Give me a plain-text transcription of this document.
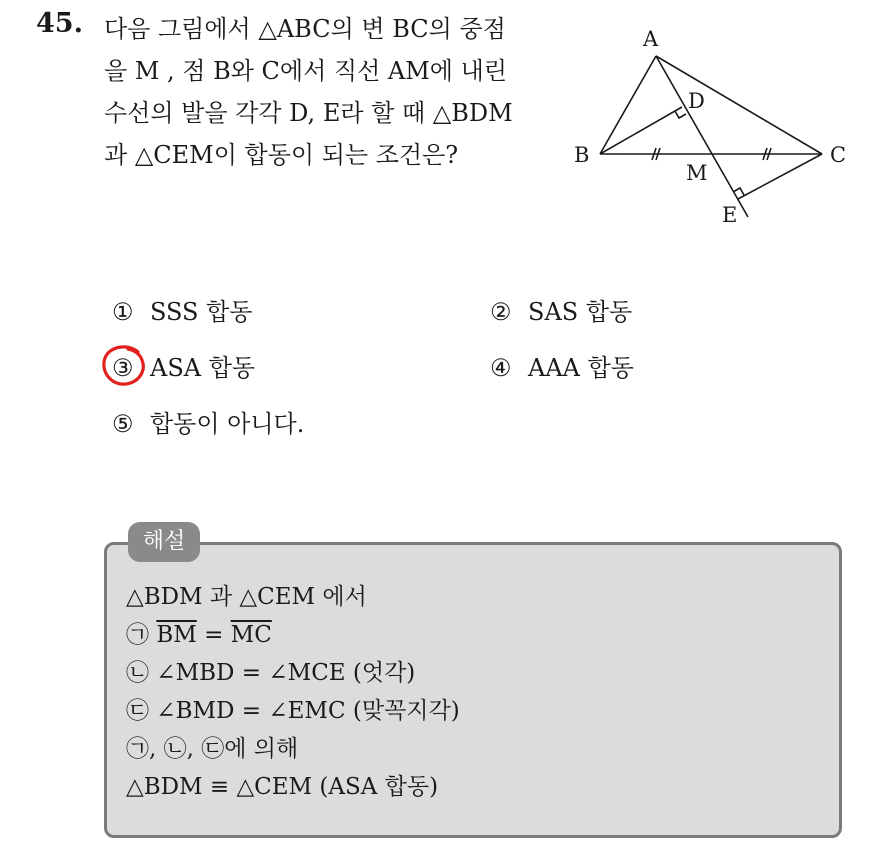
45. 다음 그림에서 △ABC의 변 BC의 중점
을 M , 점 B와 C에서 직선 AM에 내린
수선의 발을 각각 D, E라 할 때 △BDM
과 △CEM이 합동이 되는 조건은?
A
B	C
D
M
E
① SSS 합동	② SAS 합동
③ ASA 합동	④ AAA 합동
⑤ 합동이 아니다.
해설
△BDM 과 △CEM 에서
㉠ $\overline{BM} = \overline{MC}$
㉡ ∠MBD = ∠MCE (엇각)
㉢ ∠BMD = ∠EMC (맞꼭지각)
㉠, ㉡, ㉢에 의해
△BDM ≡ △CEM (ASA 합동)
